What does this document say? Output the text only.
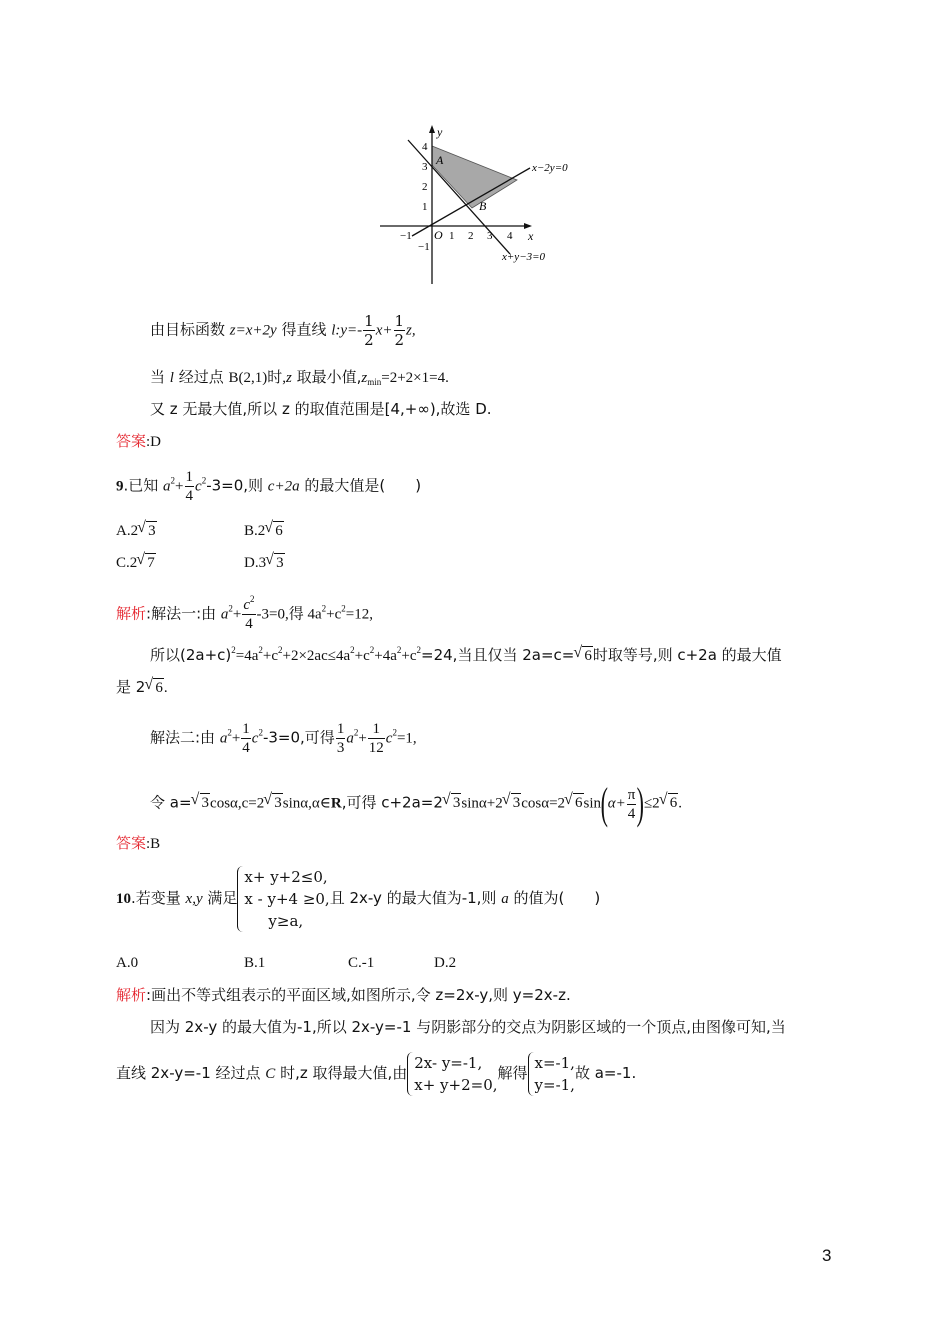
y
x
O
A
B
x−2y=0
x+y−3=0
4
3
2
1
−1
−1	1 2 3 4
由目标函数 z=x+2y 得直线 l:y=- $\frac{1}{2} x+ \frac{1}{2} z$,
当 l 经过点 B(2,1)时,z 取最小值$,z_{min}=2+2\times 1=4$.
又 z 无最大值,所以 z 的取值范围是[4,+∞),故选 D.
答案:D
9.已知 $a^2+ \frac{1}{4} c^2-3=0$,则 c+2a 的最大值是(　　)
A.2√ 3	B.2√ 6
C.2√ 7	D.3√ 3
解析:解法一:由 $a^2+ \frac{c^2}{4} -3=0$,得 $4a^2+c^2=12$,
所以$(2a+c)^2=4a^2+c^2+2\times 2ac\le 4a^2+c^2+4a^2+c^2=24$,当且仅当 2a=c=√ 6时取等号,则 c+2a 的最大值
是 2√ 6.
解法二:由 $a^2+ \frac{1}{4} c^2-3=0$,可得 $\frac{1}{3} a^2+ \frac{1}{12} c^2=1$,
令 a=√ 3cosα,c=2√ 3sinα,α∈R,可得 c+2a=2√ 3sinα+2√ 3cosα=2√ $6\sin(\alpha+ \frac{\pi}{4} )\le 2√$ 6.
答案:B
10.若变量 x,y 满足
x+ y+2≤0,
x - y+4 ≥0,
y≥a,
且 2x-y 的最大值为-1,则 a 的值为(　　)
A.0	B.1	C.-1	D.2
解析:画出不等式组表示的平面区域,如图所示,令 z=2x-y,则 y=2x-z.
因为 2x-y 的最大值为-1,所以 2x-y=-1 与阴影部分的交点为阴影区域的一个顶点,由图像可知,当
直线 2x-y=-1 经过点 C 时,z 取得最大值,由
2x- y=-1,
x+ y+2=0,
解得
x=-1,
y=-1,
故 a=-1.
3
